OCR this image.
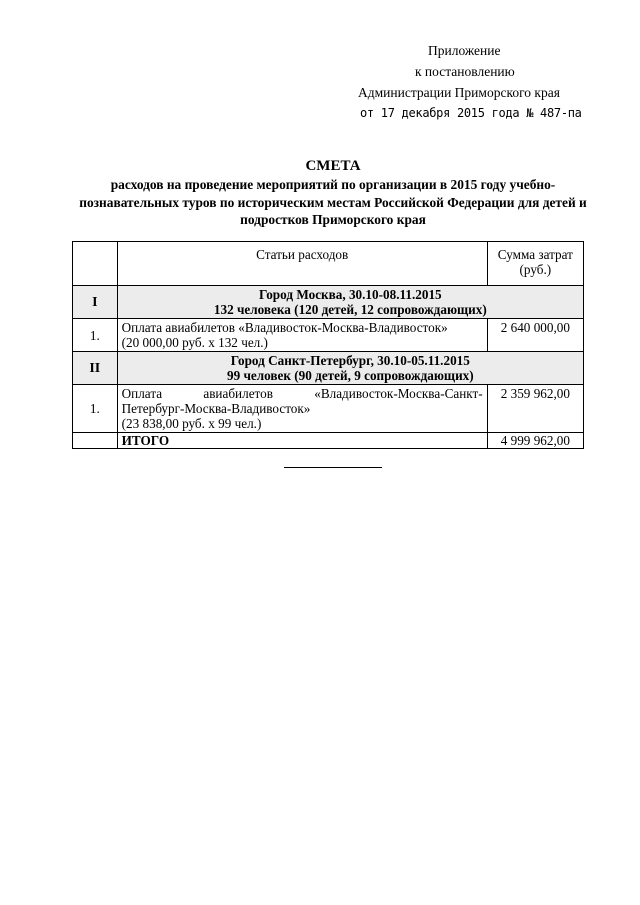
Приложение
к постановлению
Администрации Приморского края
от 17 декабря 2015 года № 487-па
СМЕТА
расходов на проведение мероприятий по организации в 2015 году учебно-познавательных туров по историческим местам Российской Федерации для детей и подростков Приморского края
	Статьи расходов	Сумма затрат (руб.)
I	Город Москва, 30.10-08.11.2015
132 человека (120 детей, 12 сопровождающих)	

1.	Оплата авиабилетов «Владивосток-Москва-Владивосток»
(20 000,00 руб. х 132 чел.)	2 640 000,00
II	Город Санкт-Петербург, 30.10-05.11.2015
99 человек (90 детей, 9 сопровождающих)	

1.	Оплата авиабилетов «Владивосток-Москва-Санкт-
Петербург-Москва-Владивосток»
(23 838,00 руб. х 99 чел.)	2 359 962,00
	ИТОГО	4 999 962,00
